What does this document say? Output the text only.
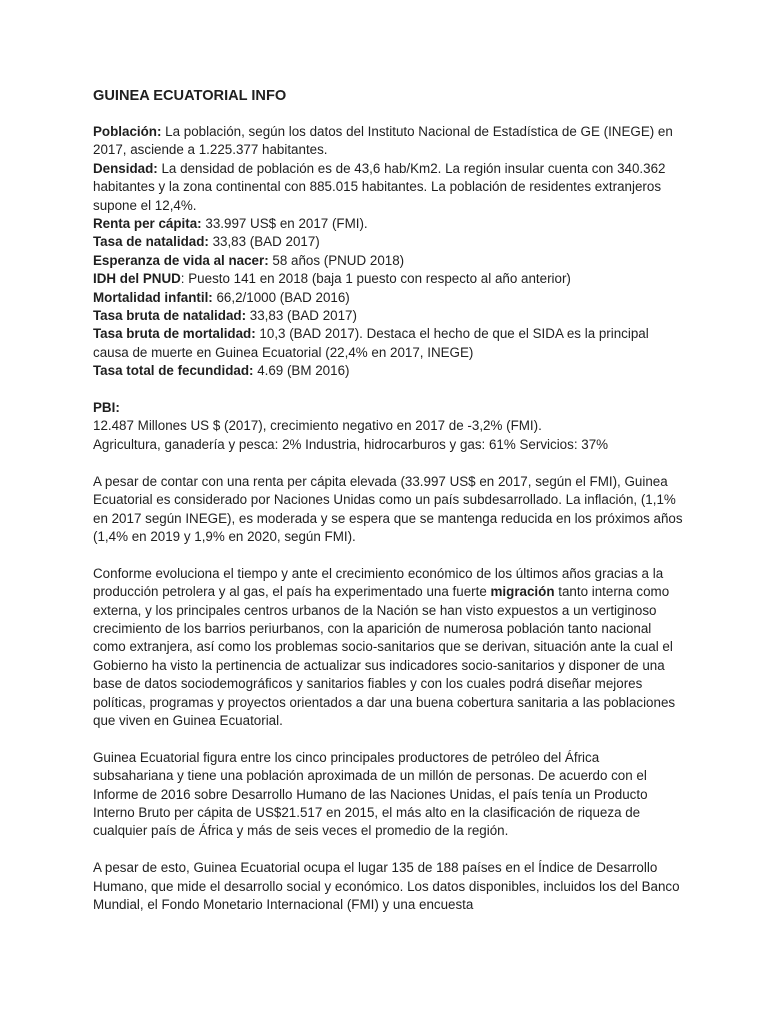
GUINEA ECUATORIAL INFO
Población: La población, según los datos del Instituto Nacional de Estadística de GE (INEGE) en 2017, asciende a 1.225.377 habitantes.
Densidad: La densidad de población es de 43,6 hab/Km2. La región insular cuenta con 340.362 habitantes y la zona continental con 885.015 habitantes. La población de residentes extranjeros supone el 12,4%.
Renta per cápita: 33.997 US$ en 2017 (FMI).
Tasa de natalidad: 33,83 (BAD 2017)
Esperanza de vida al nacer: 58 años (PNUD 2018)
IDH del PNUD: Puesto 141 en 2018 (baja 1 puesto con respecto al año anterior)
Mortalidad infantil: 66,2/1000 (BAD 2016)
Tasa bruta de natalidad: 33,83 (BAD 2017)
Tasa bruta de mortalidad: 10,3 (BAD 2017). Destaca el hecho de que el SIDA es la principal causa de muerte en Guinea Ecuatorial (22,4% en 2017, INEGE)
Tasa total de fecundidad: 4.69 (BM 2016)
PBI:
12.487 Millones US $ (2017), crecimiento negativo en 2017 de -3,2% (FMI).
Agricultura, ganadería y pesca: 2% Industria, hidrocarburos y gas: 61% Servicios: 37%

A pesar de contar con una renta per cápita elevada (33.997 US$ en 2017, según el FMI), Guinea Ecuatorial es considerado por Naciones Unidas como un país subdesarrollado. La inflación, (1,1% en 2017 según INEGE), es moderada y se espera que se mantenga reducida en los próximos años (1,4% en 2019 y 1,9% en 2020, según FMI).

Conforme evoluciona el tiempo y ante el crecimiento económico de los últimos años gracias a la producción petrolera y al gas, el país ha experimentado una fuerte migración tanto interna como externa, y los principales centros urbanos de la Nación se han visto expuestos a un vertiginoso crecimiento de los barrios periurbanos, con la aparición de numerosa población tanto nacional como extranjera, así como los problemas socio-sanitarios que se derivan, situación ante la cual el Gobierno ha visto la pertinencia de actualizar sus indicadores socio-sanitarios y disponer de una base de datos sociodemográficos y sanitarios fiables y con los cuales podrá diseñar mejores políticas, programas y proyectos orientados a dar una buena cobertura sanitaria a las poblaciones que viven en Guinea Ecuatorial.

Guinea Ecuatorial figura entre los cinco principales productores de petróleo del África subsahariana y tiene una población aproximada de un millón de personas. De acuerdo con el Informe de 2016 sobre Desarrollo Humano de las Naciones Unidas, el país tenía un Producto Interno Bruto per cápita de US$21.517 en 2015, el más alto en la clasificación de riqueza de cualquier país de África y más de seis veces el promedio de la región.

A pesar de esto, Guinea Ecuatorial ocupa el lugar 135 de 188 países en el Índice de Desarrollo Humano, que mide el desarrollo social y económico. Los datos disponibles, incluidos los del Banco Mundial, el Fondo Monetario Internacional (FMI) y una encuesta
